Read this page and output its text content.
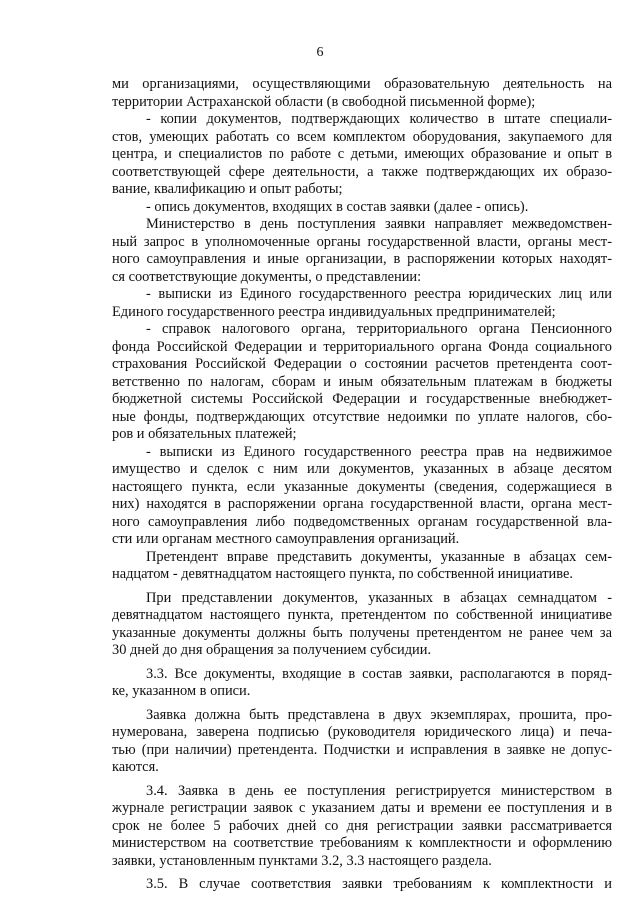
6
ми организациями, осуществляющими образовательную деятельность на
территории Астраханской области (в свободной письменной форме);
- копии документов, подтверждающих количество в штате специали-
стов, умеющих работать со всем комплектом оборудования, закупаемого для
центра, и специалистов по работе с детьми, имеющих образование и опыт в
соответствующей сфере деятельности, а также подтверждающих их образо-
вание, квалификацию и опыт работы;
- опись документов, входящих в состав заявки (далее - опись).
Министерство в день поступления заявки направляет межведомствен-
ный запрос в уполномоченные органы государственной власти, органы мест-
ного самоуправления и иные организации, в распоряжении которых находят-
ся соответствующие документы, о представлении:
- выписки из Единого государственного реестра юридических лиц или
Единого государственного реестра индивидуальных предпринимателей;
- справок налогового органа, территориального органа Пенсионного
фонда Российской Федерации и территориального органа Фонда социального
страхования Российской Федерации о состоянии расчетов претендента соот-
ветственно по налогам, сборам и иным обязательным платежам в бюджеты
бюджетной системы Российской Федерации и государственные внебюджет-
ные фонды, подтверждающих отсутствие недоимки по уплате налогов, сбо-
ров и обязательных платежей;
- выписки из Единого государственного реестра прав на недвижимое
имущество и сделок с ним или документов, указанных в абзаце десятом
настоящего пункта, если указанные документы (сведения, содержащиеся в
них) находятся в распоряжении органа государственной власти, органа мест-
ного самоуправления либо подведомственных органам государственной вла-
сти или органам местного самоуправления организаций.
Претендент вправе представить документы, указанные в абзацах сем-
надцатом - девятнадцатом настоящего пункта, по собственной инициативе.
При представлении документов, указанных в абзацах семнадцатом -
девятнадцатом настоящего пункта, претендентом по собственной инициативе
указанные документы должны быть получены претендентом не ранее чем за
30 дней до дня обращения за получением субсидии.
3.3. Все документы, входящие в состав заявки, располагаются в поряд-
ке, указанном в описи.
Заявка должна быть представлена в двух экземплярах, прошита, про-
нумерована, заверена подписью (руководителя юридического лица) и печа-
тью (при наличии) претендента. Подчистки и исправления в заявке не допус-
каются.
3.4. Заявка в день ее поступления регистрируется министерством в
журнале регистрации заявок с указанием даты и времени ее поступления и в
срок не более 5 рабочих дней со дня регистрации заявки рассматривается
министерством на соответствие требованиям к комплектности и оформлению
заявки, установленным пунктами 3.2, 3.3 настоящего раздела.
3.5. В случае соответствия заявки требованиям к комплектности и
